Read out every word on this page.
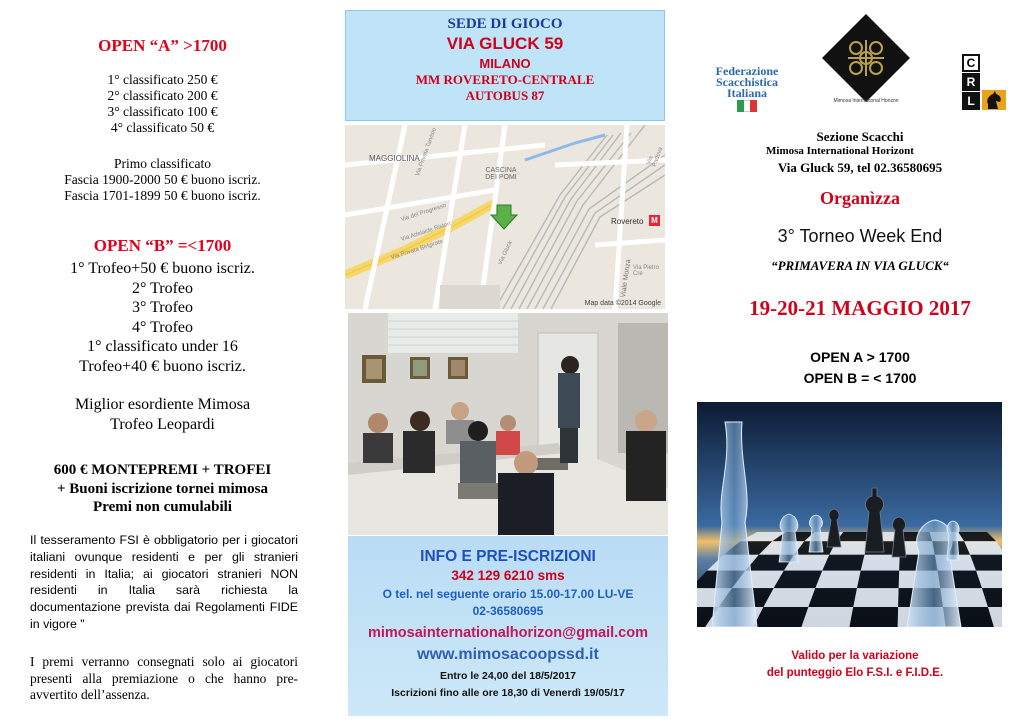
OPEN “A” >1700
1° classificato 250 €
2° classificato 200 €
3° classificato 100 €
4° classificato 50 €
Primo classificato
Fascia 1900-2000 50 € buono iscriz.
Fascia 1701-1899 50 € buono iscriz.
OPEN “B” =<1700
1° Trofeo+50 € buono iscriz.
2° Trofeo
3° Trofeo
4° Trofeo
1° classificato under 16
Trofeo+40 € buono iscriz.
Miglior esordiente Mimosa
Trofeo Leopardi
600 € MONTEPREMI + TROFEI
+ Buoni iscrizione tornei mimosa
Premi non cumulabili
Il tesseramento FSI è obbligatorio per i giocatori italiani ovunque residenti e per gli stranieri residenti in Italia; ai giocatori stranieri NON residenti in Italia sarà richiesta la documentazione prevista dai Regolamenti FIDE in vigore "
I premi verranno consegnati solo ai giocatori presenti alla premiazione o che hanno pre-avvertito dell’assenza.
SEDE DI GIOCO
VIA GLUCK 59
MILANO
MM ROVERETO-CENTRALE
AUTOBUS 87
MAGGIOLINA
CASCINA DEI POMI
Rovereto M
Via Privata Tarvisio
Via del Progresso
Via Adelaide Ristori
Via Privata Belgirate	Via Gluck
Viale Monza Via Pietro Cre
Via Padova
Map data ©2014 Google
INFO E PRE-ISCRIZIONI
342 129 6210 sms
O tel. nel seguente orario 15.00-17.00 LU-VE
02-36580695
mimosainternationalhorizon@gmail.com
www.mimosacoopssd.it
Entro le 24,00 del 18/5/2017
Iscrizioni fino alle ore 18,30 di Venerdì 19/05/17
Federazione
Scacchistica
Italiana
Mimosa International Horizon
C
R
L
Sezione Scacchi
Mimosa International Horizont
Via Gluck 59, tel 02.36580695
Organìzza
3° Torneo Week End
“PRIMAVERA IN VIA GLUCK“
19-20-21 MAGGIO 2017
OPEN A > 1700
OPEN B = < 1700
Valido per la variazione
del punteggio Elo F.S.I. e F.I.D.E.
